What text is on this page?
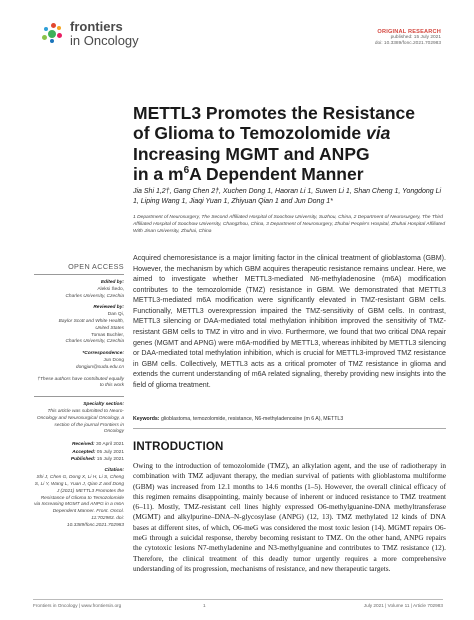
frontiers
in Oncology
ORIGINAL RESEARCH
published: 15 July 2021
doi: 10.3389/fonc.2021.702983
METTL3 Promotes the Resistance
of Glioma to Temozolomide via
Increasing MGMT and ANPG
in a $m^6A$ Dependent Manner
Jia Shi 1,2†, Gang Chen 2†, Xuchen Dong 1, Haoran Li 1, Suwen Li 1, Shan Cheng 1, Yongdong Li 1, Liping Wang 1, Jiaqi Yuan 1, Zhiyuan Qian 1 and Jun Dong 1*
1 Department of Neurosurgery, The Second Affiliated Hospital of Soochow University, Suzhou, China, 2 Department of Neurosurgery, The Third Affiliated Hospital of Soochow University, Changzhou, China, 3 Department of Neurosurgery, Zhuhai People's Hospital, Zhuhai Hospital Affiliated With Jinan University, Zhuhai, China
OPEN ACCESS
Edited by:
Aleksi Šedo,
Charles University, Czechia
Reviewed by:
Dan Qi,
Baylor Scott and White Health,
United States
Tomas Buchler,
Charles University, Czechia
*Correspondence:
Jun Dong
dongjun@suda.edu.cn
†These authors have contributed equally to this work
Specialty section:
This article was submitted to Neuro-Oncology and Neurosurgical Oncology, a section of the journal Frontiers in Oncology
Received: 30 April 2021
Accepted: 05 July 2021
Published: 15 July 2021
Citation:
Shi J, Chen G, Dong X, Li H, Li S, Cheng S, Li Y, Wang L, Yuan J, Qian Z and Dong J (2021) METTL3 Promotes the Resistance of Glioma to Temozolomide via Increasing MGMT and ANPG in a m6A Dependent Manner. Front. Oncol. 11:702983. doi: 10.3389/fonc.2021.702983

Acquired chemoresistance is a major limiting factor in the clinical treatment of glioblastoma (GBM). However, the mechanism by which GBM acquires therapeutic resistance remains unclear. Here, we aimed to investigate whether METTL3-mediated N6-methyladenosine (m6A) modification contributes to the temozolomide (TMZ) resistance in GBM. We demonstrated that METTL3 METTL3-mediated m6A modification were significantly elevated in TMZ-resistant GBM cells. Functionally, METTL3 overexpression impaired the TMZ-sensitivity of GBM cells. In contrast, METTL3 silencing or DAA-mediated total methylation inhibition improved the sensitivity of TMZ-resistant GBM cells to TMZ in vitro and in vivo. Furthermore, we found that two critical DNA repair genes (MGMT and APNG) were m6A-modified by METTL3, whereas inhibited by METTL3 silencing or DAA-mediated total methylation inhibition, which is crucial for METTL3-improved TMZ resistance in GBM cells. Collectively, METTL3 acts as a critical promoter of TMZ resistance in glioma and extends the current understanding of m6A related signaling, thereby providing new insights into the field of glioma treatment.

Keywords: glioblastoma, temozolomide, resistance, N6-methyladenosine (m 6 A), METTL3
INTRODUCTION

Owing to the introduction of temozolomide (TMZ), an alkylation agent, and the use of radiotherapy in combination with TMZ adjuvant therapy, the median survival of patients with glioblastoma multiforme (GBM) was increased from 12.1 months to 14.6 months (1–5). However, the overall clinical efficacy of this regimen remains disappointing, mainly because of inherent or induced resistance to TMZ treatment (6–11). Mostly, TMZ-resistant cell lines highly expressed O6-methylguanine-DNA methyltransferase (MGMT) and alkylpurine–DNA–N-glycosylase (ANPG) (12, 13). TMZ methylated 12 kinds of DNA bases at different sites, of which, O6-meG was considered the most toxic lesion (14). MGMT repairs O6-meG through a suicidal response, thereby becoming resistant to TMZ. On the other hand, ANPG repairs the cytotoxic lesions N7-methyladenine and N3-methylguanine and contributes to TMZ resistance (12). Therefore, the clinical treatment of this deadly tumor urgently requires a more comprehensive understanding of its progression, mechanisms of resistance, and new therapeutic targets.

Frontiers in Oncology | www.frontiersin.org	1	July 2021 | Volume 11 | Article 702983
